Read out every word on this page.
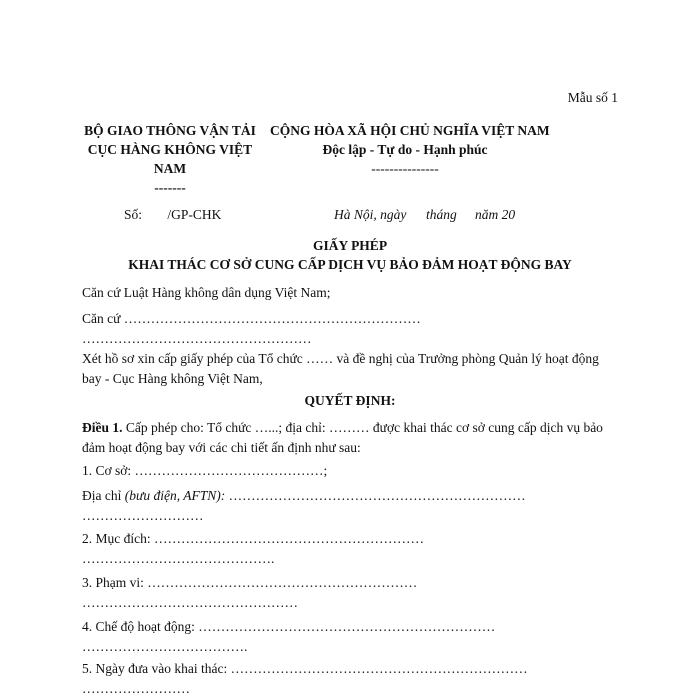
Mẫu số 1
BỘ GIAO THÔNG VẬN TẢI
CỤC HÀNG KHÔNG VIỆT
NAM
-------
CỘNG HÒA XÃ HỘI CHỦ NGHĨA VIỆT NAM
Độc lập - Tự do - Hạnh phúc
---------------
Số: /GP-CHK	Hà Nội, ngày tháng năm 20
GIẤY PHÉP
KHAI THÁC CƠ SỞ CUNG CẤP DỊCH VỤ BẢO ĐẢM HOẠT ĐỘNG BAY
Căn cứ Luật Hàng không dân dụng Việt Nam;
Căn cứ …………………………………………………………
……………………………………………
Xét hồ sơ xin cấp giấy phép của Tổ chức …… và đề nghị của Trưởng phòng Quản lý hoạt động
bay - Cục Hàng không Việt Nam,
QUYẾT ĐỊNH:
Điều 1. Cấp phép cho: Tổ chức …...; địa chỉ: ……… được khai thác cơ sở cung cấp dịch vụ bảo
đảm hoạt động bay với các chi tiết ấn định như sau:
1. Cơ sở: ……………………………………;
Địa chỉ (bưu điện, AFTN): …………………………………………………………
………………………
2. Mục đích: ……………………………………………………
…………………………………….
3. Phạm vi: ……………………………………………………
…………………………………………
4. Chế độ hoạt động: …………………………………………………………
……………………………….
5. Ngày đưa vào khai thác: …………………………………………………………
……………………
